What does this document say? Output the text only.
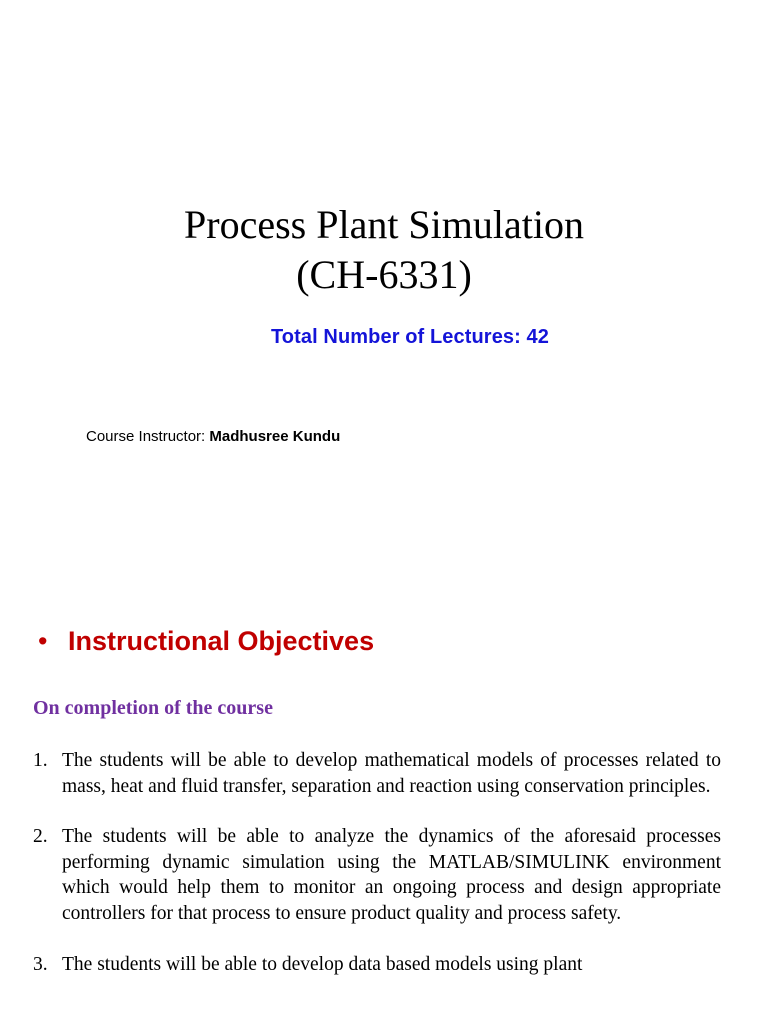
Process Plant Simulation
(CH-6331)
Total Number of Lectures: 42
Course Instructor: Madhusree Kundu
• Instructional Objectives
On completion of the course
1. The students will be able to develop mathematical models of processes related to mass, heat and fluid transfer, separation and reaction using conservation principles.
2. The students will be able to analyze the dynamics of the aforesaid processes performing dynamic simulation using the MATLAB/SIMULINK environment which would help them to monitor an ongoing process and design appropriate controllers for that process to ensure product quality and process safety.
3. The students will be able to develop data based models using plant
